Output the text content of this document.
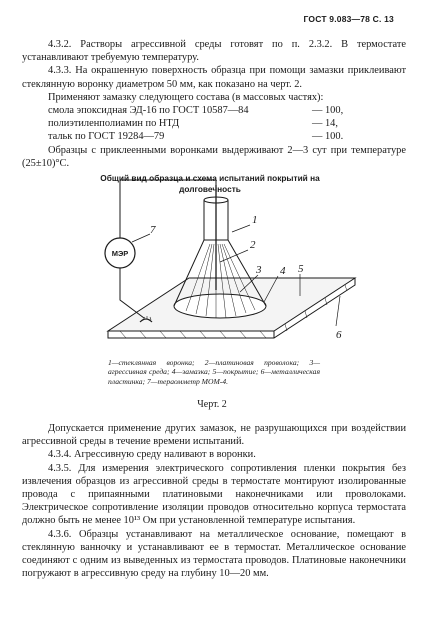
ГОСТ 9.083—78 С. 13

4.3.2. Растворы агрессивной среды готовят по п. 2.3.2. В термостате устанавливают требуемую температуру.

4.3.3. На окрашенную поверхность образца при помощи замазки приклеивают стеклянную воронку диаметром 50 мм, как показано на черт. 2.

Применяют замазку следующего состава (в массовых частях):

смола эпоксидная ЭД-16 по ГОСТ 10587—84	— 100,
полиэтиленполиамин по НТД	— 14,
тальк по ГОСТ 19284—79	— 100.

Образцы с приклеенными воронками выдерживают 2—3 сут при температуре (25±10)°С.

Общий вид образца и схема испытаний покрытий на долговечность
1
2
3 4 5
6
7
МЭР
1—стеклянная воронка; 2—платиновая проволока; 3—агрессивная среда; 4—замазка; 5—покрытие; 6—металлическая пластинка; 7—тераомметр МОМ-4.
Черт. 2

Допускается применение других замазок, не разрушающихся при воздействии агрессивной среды в течение времени испытаний.

4.3.4. Агрессивную среду наливают в воронки.

4.3.5. Для измерения электрического сопротивления пленки покрытия без извлечения образцов из агрессивной среды в термостате монтируют изолированные провода с припаянными платиновыми наконечниками или проволоками. Электрическое сопротивление изоляции проводов относительно корпуса термостата должно быть не менее 10¹³ Ом при установленной температуре испытания.

4.3.6. Образцы устанавливают на металлическое основание, помещают в стеклянную ванночку и устанавливают ее в термостат. Металлическое основание соединяют с одним из выведенных из термостата проводов. Платиновые наконечники погружают в агрессивную среду на глубину 10—20 мм.
